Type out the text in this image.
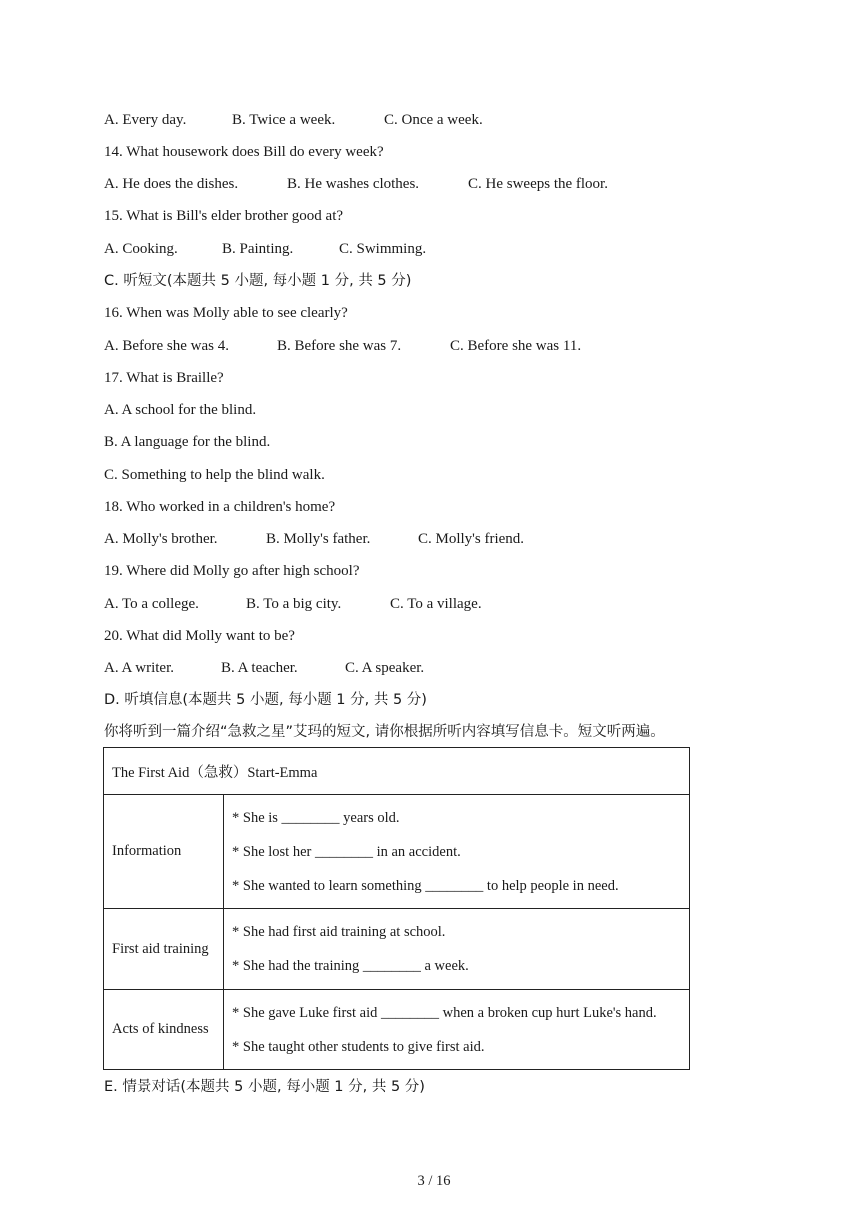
A. Every day.	B. Twice a week.	C. Once a week.
14. What housework does Bill do every week?
A. He does the dishes.	B. He washes clothes.	C. He sweeps the floor.
15. What is Bill's elder brother good at?
A. Cooking.	B. Painting.	C. Swimming.
C. 听短文(本题共 5 小题, 每小题 1 分, 共 5 分)
16. When was Molly able to see clearly?
A. Before she was 4.	B. Before she was 7.	C. Before she was 11.
17. What is Braille?
A. A school for the blind.
B. A language for the blind.
C. Something to help the blind walk.
18. Who worked in a children's home?
A. Molly's brother.	B. Molly's father.	C. Molly's friend.
19. Where did Molly go after high school?
A. To a college.	B. To a big city.	C. To a village.
20. What did Molly want to be?
A. A writer.	B. A teacher.	C. A speaker.
D. 听填信息(本题共 5 小题, 每小题 1 分, 共 5 分)
你将听到一篇介绍“急救之星”艾玛的短文, 请你根据所听内容填写信息卡。短文听两遍。
The First Aid（急救）Start-Emma	
Information	* She is ________ years old.
* She lost her ________ in an accident.
* She wanted to learn something ________ to help people in need.

First aid training	* She had first aid training at school.
* She had the training ________ a week.

Acts of kindness	* She gave Luke first aid ________ when a broken cup hurt Luke's hand.
* She taught other students to give first aid.
E. 情景对话(本题共 5 小题, 每小题 1 分, 共 5 分)
3 / 16
